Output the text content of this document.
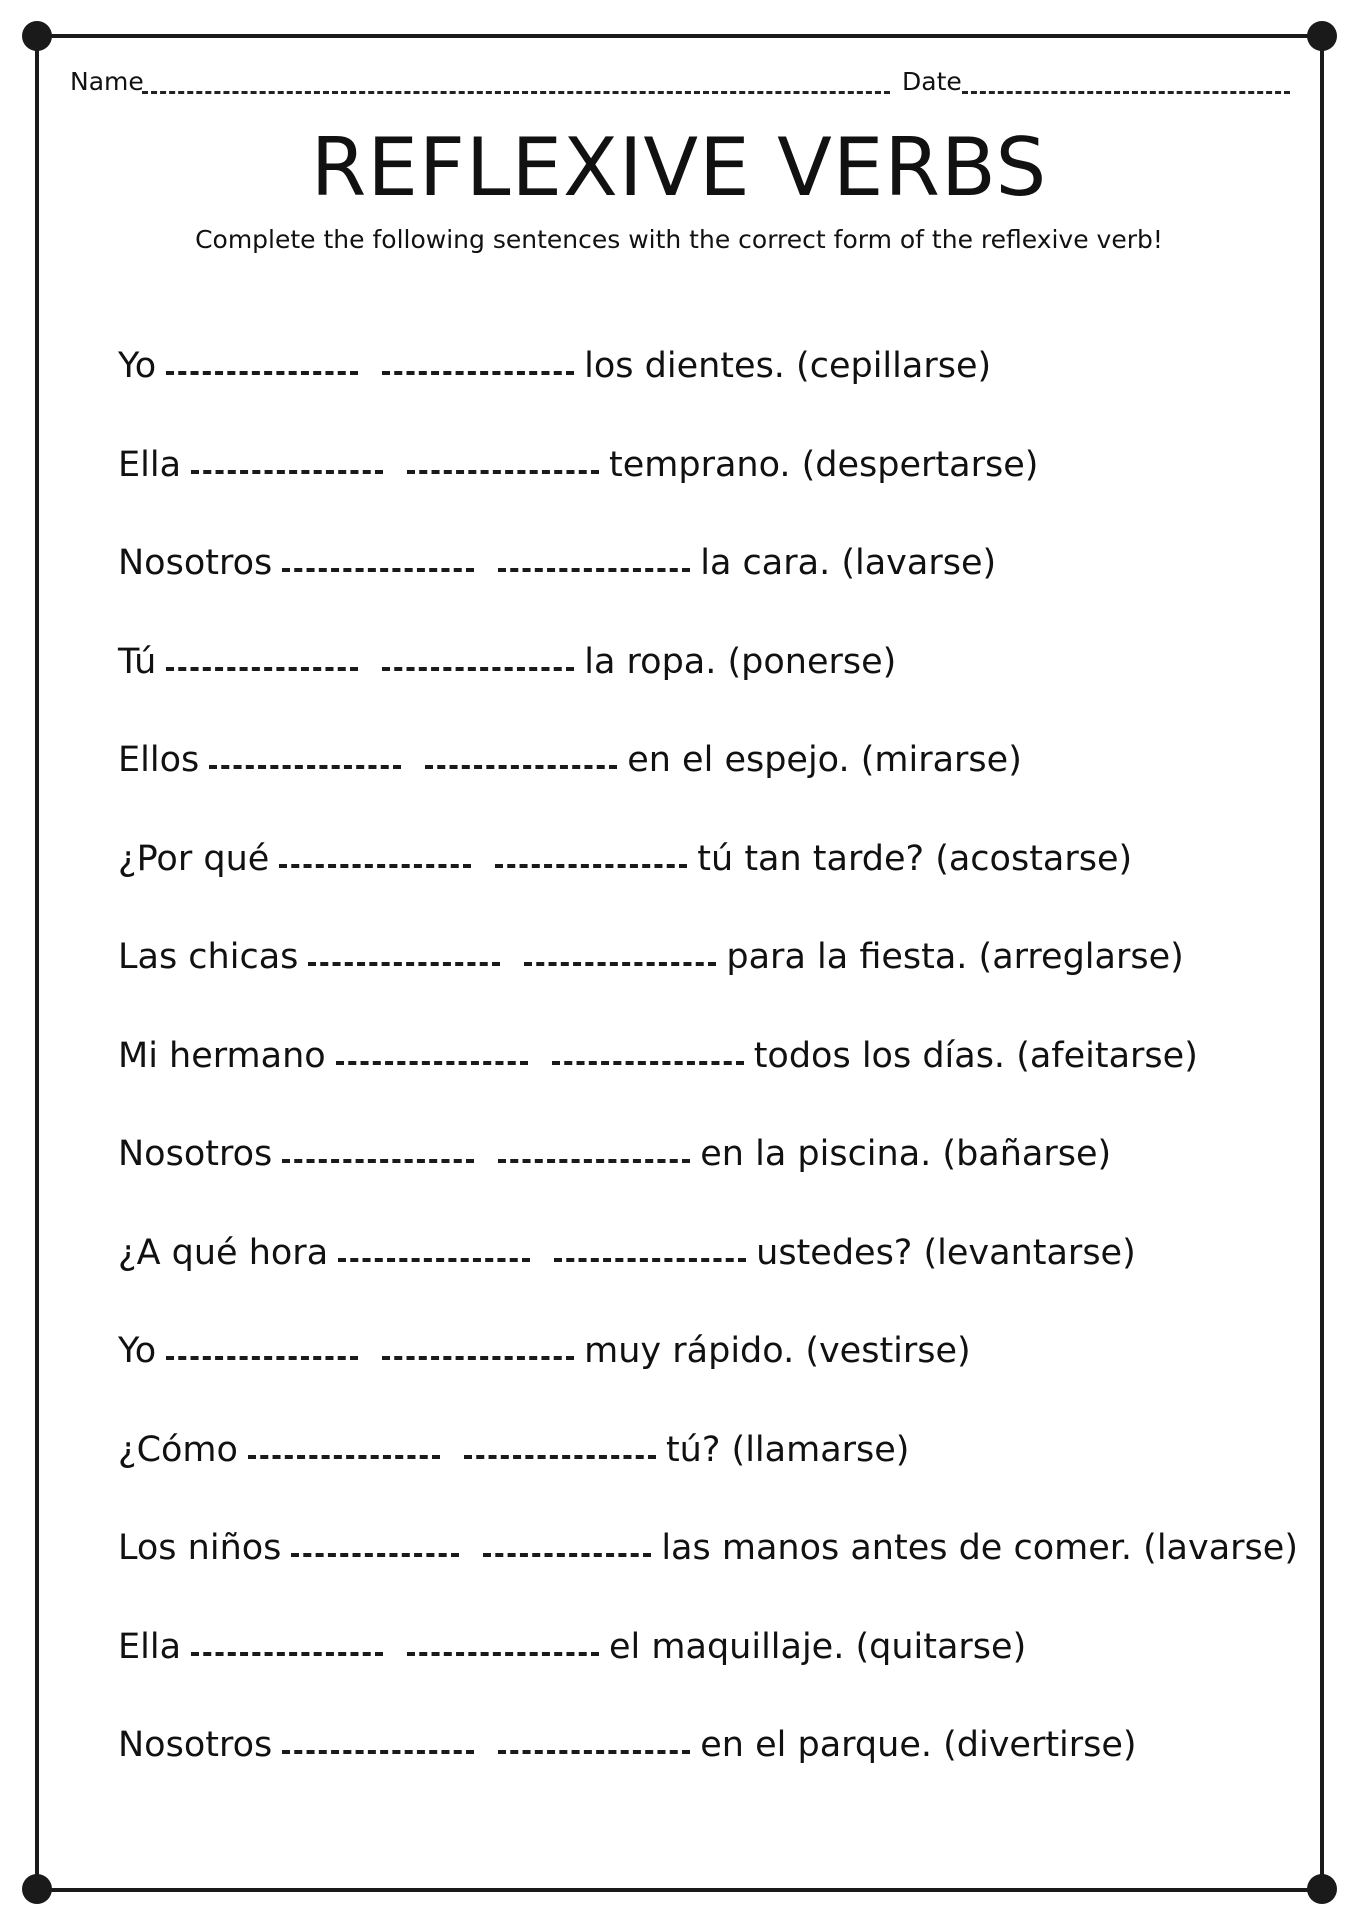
Name	Date
REFLEXIVE VERBS
Complete the following sentences with the correct form of the reflexive verb!
Yo	los dientes. (cepillarse)
Ella	temprano. (despertarse)
Nosotros	la cara. (lavarse)
Tú	la ropa. (ponerse)
Ellos	en el espejo. (mirarse)
¿Por qué	tú tan tarde? (acostarse)
Las chicas	para la fiesta. (arreglarse)
Mi hermano	todos los días. (afeitarse)
Nosotros	en la piscina. (bañarse)
¿A qué hora	ustedes? (levantarse)
Yo	muy rápido. (vestirse)
¿Cómo	tú? (llamarse)
Los niños	las manos antes de comer. (lavarse)
Ella	el maquillaje. (quitarse)
Nosotros	en el parque. (divertirse)
